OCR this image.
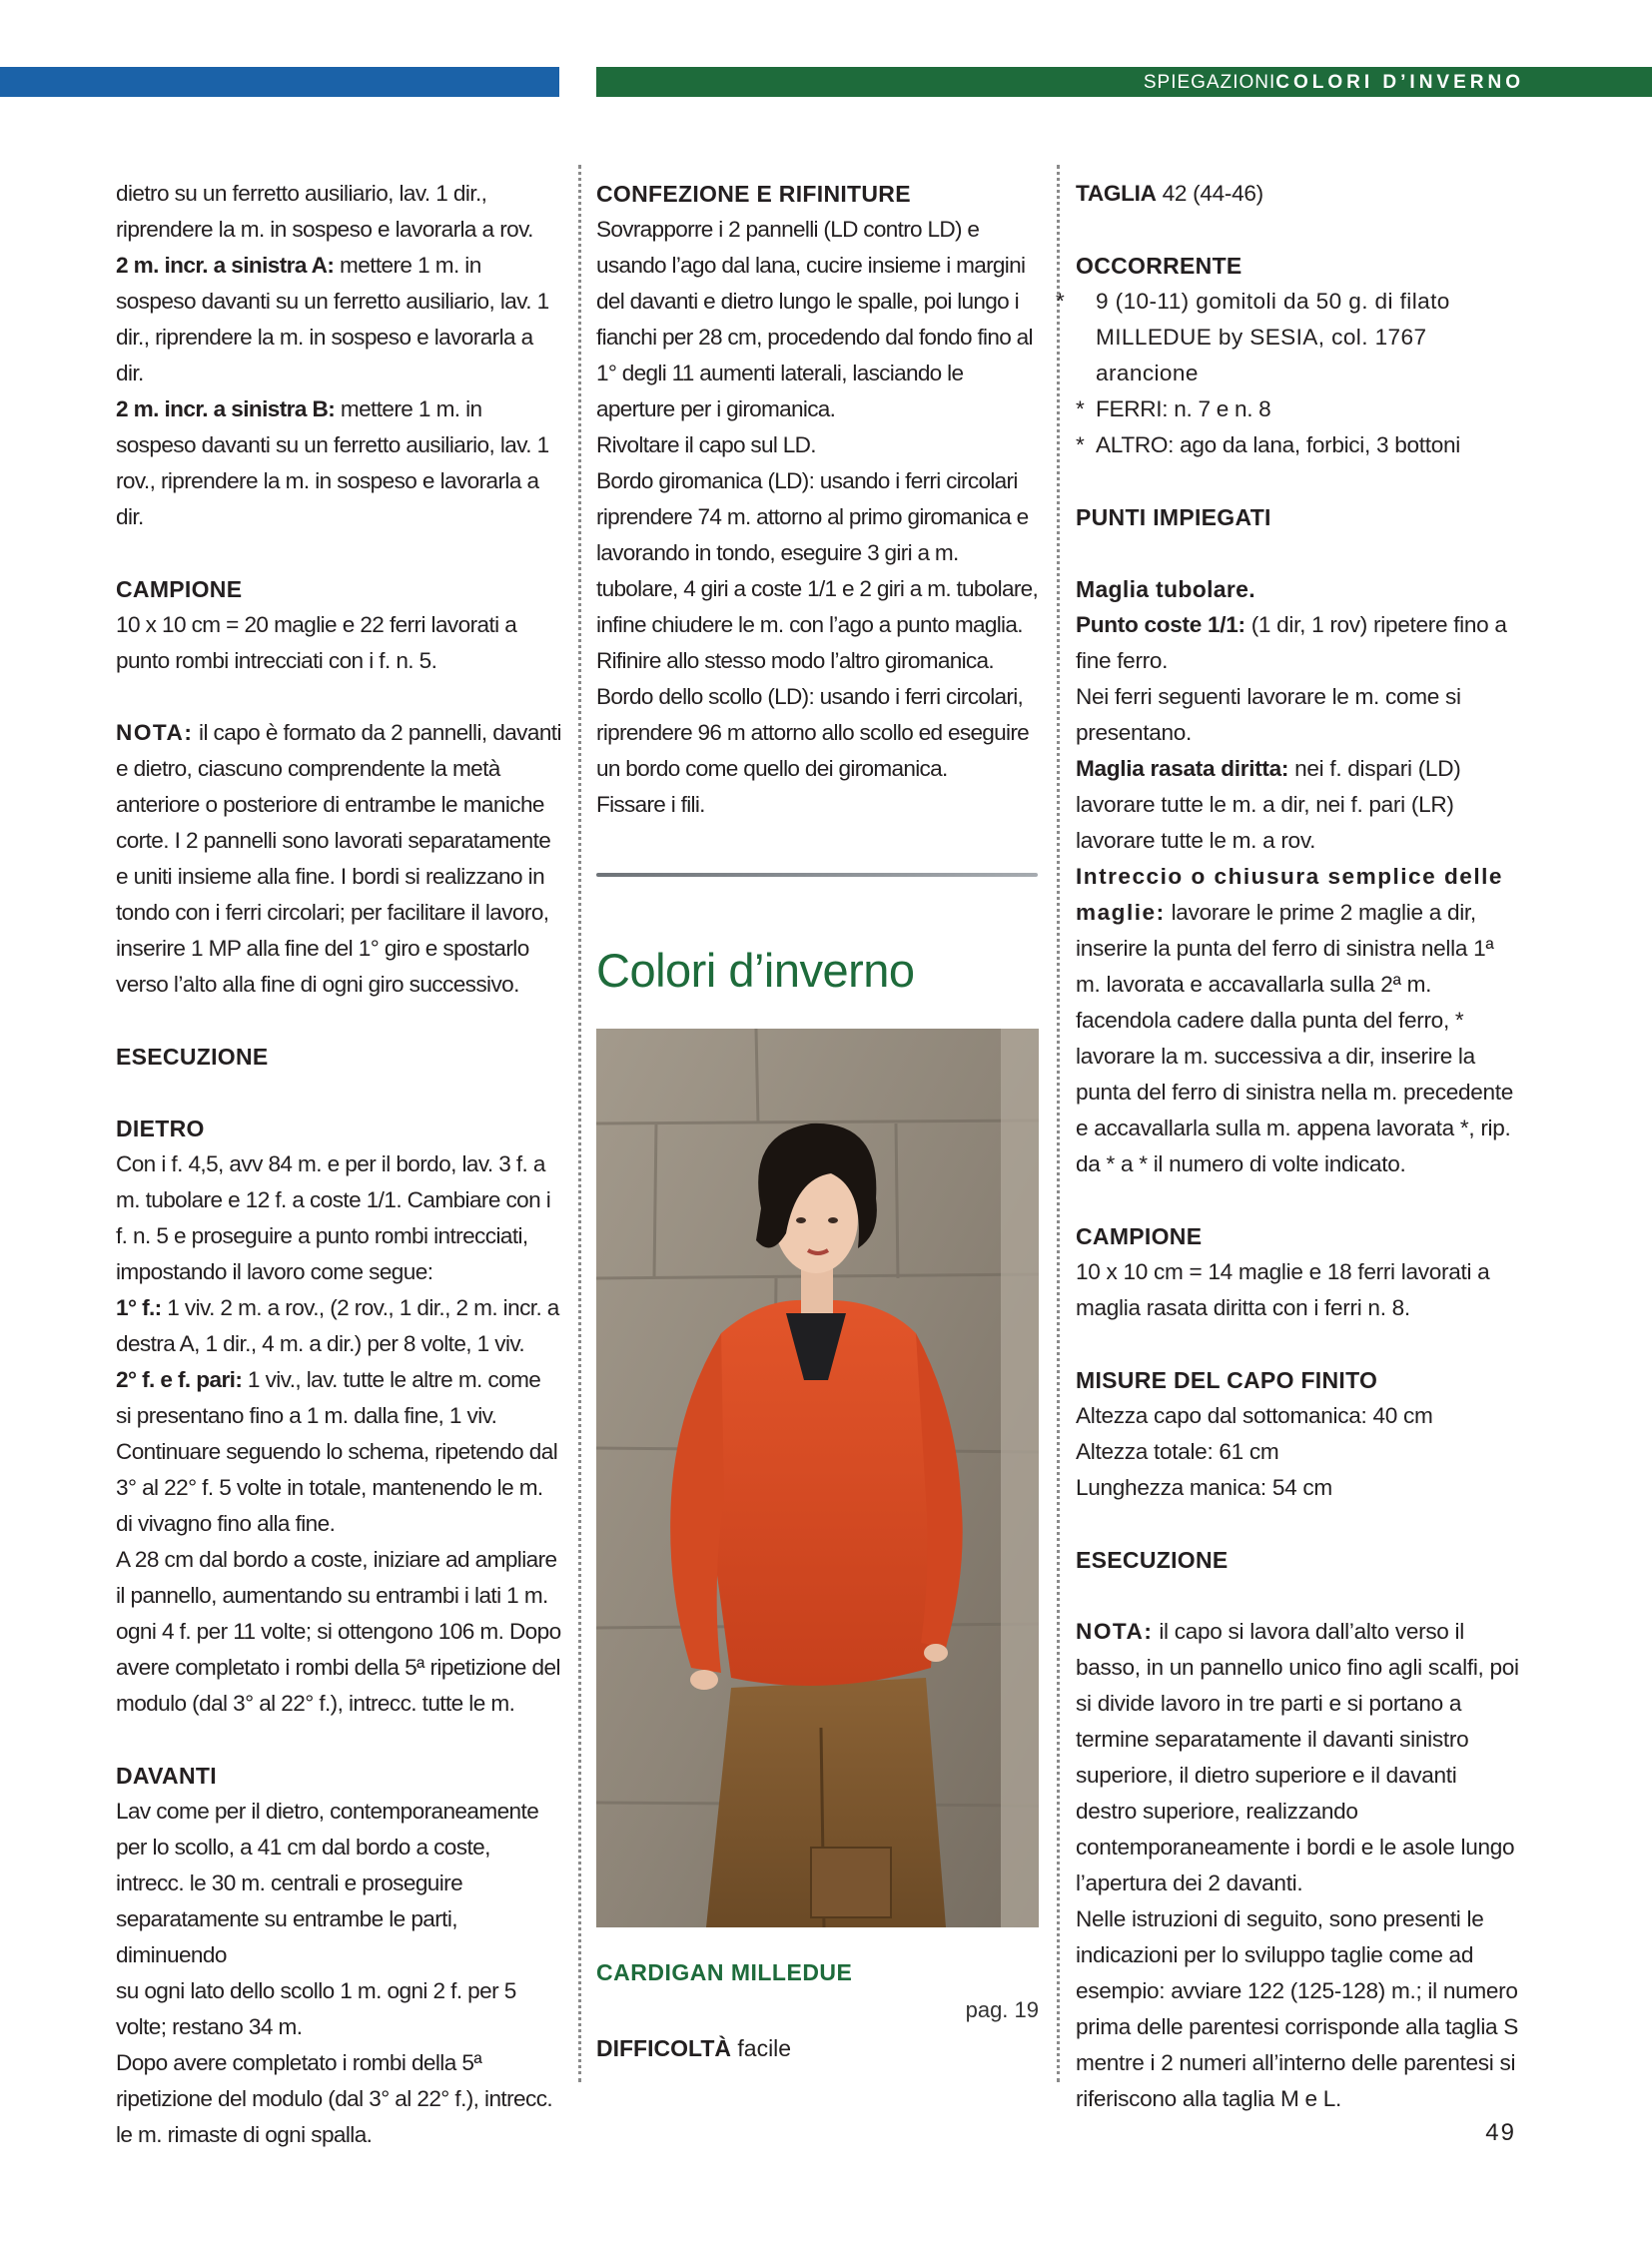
SPIEGAZIONICOLORI D’INVERNO

dietro su un ferretto ausiliario, lav. 1 dir., riprendere la m. in sospeso e lavorarla a rov.

2 m. incr. a sinistra A: mettere 1 m. in sospeso davanti su un ferretto ausiliario, lav. 1 dir., riprendere la m. in sospeso e lavorarla a dir.

2 m. incr. a sinistra B: mettere 1 m. in sospeso davanti su un ferretto ausiliario, lav. 1 rov., riprendere la m. in sospeso e lavorarla a dir.

CAMPIONE

10 x 10 cm = 20 maglie e 22 ferri lavorati a punto rombi intrecciati con i f. n. 5.

NOTA: il capo è formato da 2 pannelli, davanti e dietro, ciascuno comprendente la metà anteriore o posteriore di entrambe le maniche corte. I 2 pannelli sono lavorati separatamente e uniti insieme alla fine. I bordi si realizzano in tondo con i ferri circolari; per facilitare il lavoro, inserire 1 MP alla fine del 1° giro e spostarlo verso l’alto alla fine di ogni giro successivo.

ESECUZIONE

DIETRO

Con i f. 4,5, avv 84 m. e per il bordo, lav. 3 f. a m. tubolare e 12 f. a coste 1/1. Cambiare con i f. n. 5 e proseguire a punto rombi intrecciati, impostando il lavoro come segue:

1° f.: 1 viv. 2 m. a rov., (2 rov., 1 dir., 2 m. incr. a destra A, 1 dir., 4 m. a dir.) per 8 volte, 1 viv.

2° f. e f. pari: 1 viv., lav. tutte le altre m. come si presentano fino a 1 m. dalla fine, 1 viv.

Continuare seguendo lo schema, ripetendo dal 3° al 22° f. 5 volte in totale, mantenendo le m. di vivagno fino alla fine.

A 28 cm dal bordo a coste, iniziare ad ampliare il pannello, aumentando su entrambi i lati 1 m. ogni 4 f. per 11 volte; si ottengono 106 m. Dopo avere completato i rombi della 5ª ripetizione del modulo (dal 3° al 22° f.), intrecc. tutte le m.

DAVANTI

Lav come per il dietro, contemporaneamente per lo scollo, a 41 cm dal bordo a coste, intrecc. le 30 m. centrali e proseguire separatamente su entrambe le parti, diminuendo

su ogni lato dello scollo 1 m. ogni 2 f. per 5 volte; restano 34 m.

Dopo avere completato i rombi della 5ª ripetizione del modulo (dal 3° al 22° f.), intrecc. le m. rimaste di ogni spalla.

CONFEZIONE E RIFINITURE

Sovrapporre i 2 pannelli (LD contro LD) e usando l’ago dal lana, cucire insieme i margini del davanti e dietro lungo le spalle, poi lungo i fianchi per 28 cm, procedendo dal fondo fino al 1° degli 11 aumenti laterali, lasciando le aperture per i giromanica.

Rivoltare il capo sul LD.

Bordo giromanica (LD): usando i ferri circolari riprendere 74 m. attorno al primo giromanica e lavorando in tondo, eseguire 3 giri a m. tubolare, 4 giri a coste 1/1 e 2 giri a m. tubolare, infine chiudere le m. con l’ago a punto maglia. Rifinire allo stesso modo l’altro giromanica.

Bordo dello scollo (LD): usando i ferri circolari, riprendere 96 m attorno allo scollo ed eseguire un bordo come quello dei giromanica.

Fissare i fili.

Colori d’inverno
CARDIGAN MILLEDUE
pag. 19
DIFFICOLTÀ facile

TAGLIA 42 (44-46)

OCCORRENTE

* 9 (10-11) gomitoli da 50 g. di filato MILLEDUE by SESIA, col. 1767 arancione

* FERRI: n. 7 e n. 8

* ALTRO: ago da lana, forbici, 3 bottoni

PUNTI IMPIEGATI

Maglia tubolare.

Punto coste 1/1: (1 dir, 1 rov) ripetere fino a fine ferro.

Nei ferri seguenti lavorare le m. come si presentano.

Maglia rasata diritta: nei f. dispari (LD) lavorare tutte le m. a dir, nei f. pari (LR) lavorare tutte le m. a rov.

Intreccio o chiusura semplice delle maglie: lavorare le prime 2 maglie a dir, inserire la punta del ferro di sinistra nella 1ª m. lavorata e accavallarla sulla 2ª m. facendola cadere dalla punta del ferro, * lavorare la m. successiva a dir, inserire la punta del ferro di sinistra nella m. precedente e accavallarla sulla m. appena lavorata *, rip. da * a * il numero di volte indicato.

CAMPIONE

10 x 10 cm = 14 maglie e 18 ferri lavorati a maglia rasata diritta con i ferri n. 8.

MISURE DEL CAPO FINITO

Altezza capo dal sottomanica: 40 cm

Altezza totale: 61 cm

Lunghezza manica: 54 cm

ESECUZIONE

NOTA: il capo si lavora dall’alto verso il basso, in un pannello unico fino agli scalfi, poi si divide lavoro in tre parti e si portano a termine separatamente il davanti sinistro superiore, il dietro superiore e il davanti destro superiore, realizzando contemporaneamente i bordi e le asole lungo l’apertura dei 2 davanti.

Nelle istruzioni di seguito, sono presenti le indicazioni per lo sviluppo taglie come ad esempio: avviare 122 (125-128) m.; il numero prima delle parentesi corrisponde alla taglia S mentre i 2 numeri all’interno delle parentesi si riferiscono alla taglia M e L.

49
